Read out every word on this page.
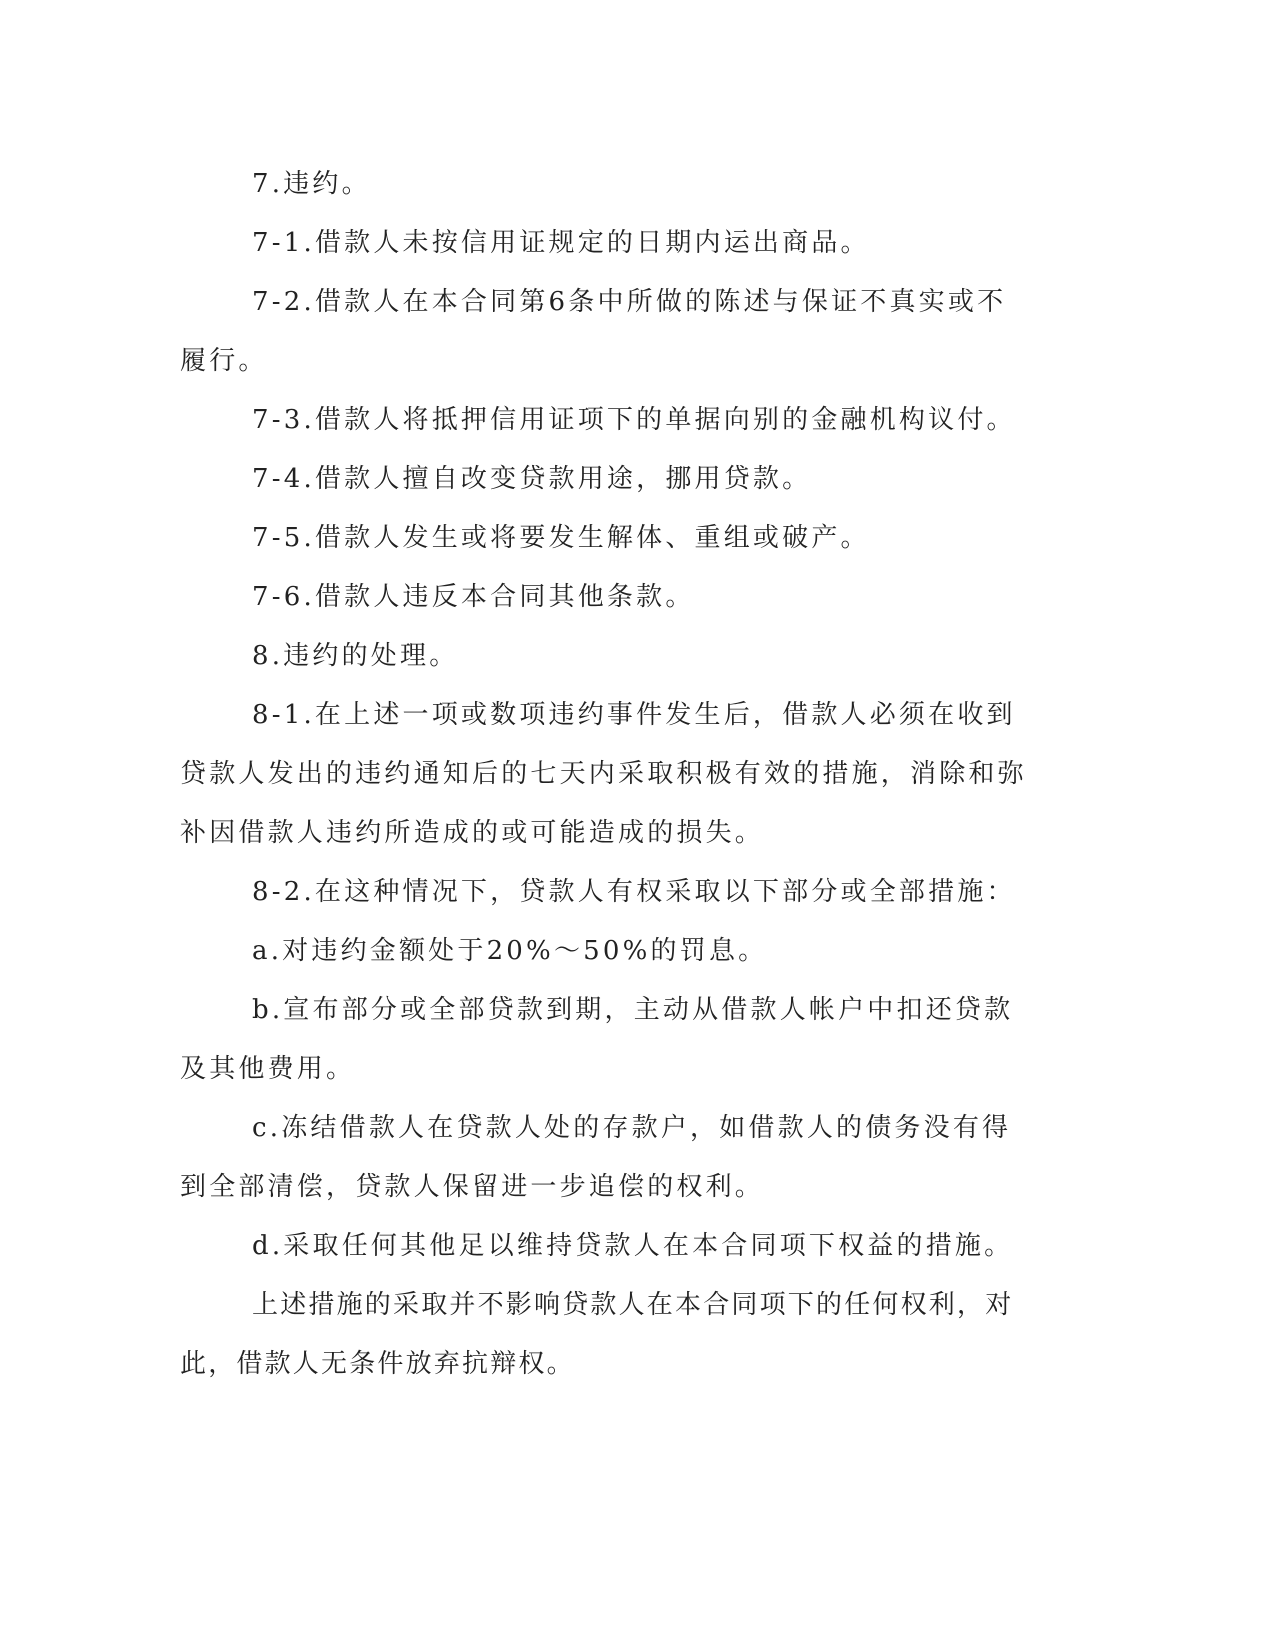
7.违约。

7-1.借款人未按信用证规定的日期内运出商品。

7-2.借款人在本合同第6条中所做的陈述与保证不真实或不履行。

7-3.借款人将抵押信用证项下的单据向别的金融机构议付。

7-4.借款人擅自改变贷款用途，挪用贷款。

7-5.借款人发生或将要发生解体、重组或破产。

7-6.借款人违反本合同其他条款。

8.违约的处理。

8-1.在上述一项或数项违约事件发生后，借款人必须在收到贷款人发出的违约通知后的七天内采取积极有效的措施，消除和弥补因借款人违约所造成的或可能造成的损失。

8-2.在这种情况下，贷款人有权采取以下部分或全部措施：

a.对违约金额处于20%～50%的罚息。

b.宣布部分或全部贷款到期，主动从借款人帐户中扣还贷款及其他费用。

c.冻结借款人在贷款人处的存款户，如借款人的债务没有得到全部清偿，贷款人保留进一步追偿的权利。

d.采取任何其他足以维持贷款人在本合同项下权益的措施。

上述措施的采取并不影响贷款人在本合同项下的任何权利，对此，借款人无条件放弃抗辩权。
